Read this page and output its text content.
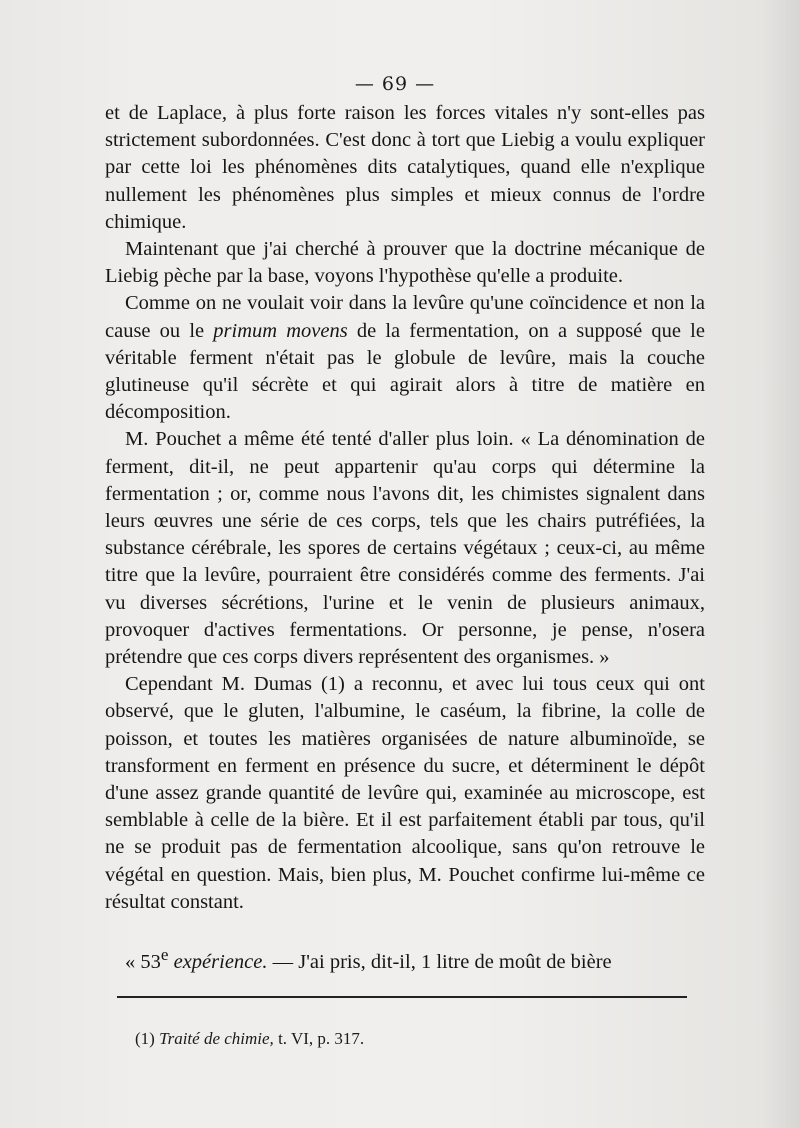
— 69 —

et de Laplace, à plus forte raison les forces vitales n'y sont-elles pas strictement subordonnées. C'est donc à tort que Liebig a voulu expliquer par cette loi les phénomènes dits catalytiques, quand elle n'explique nullement les phénomènes plus simples et mieux connus de l'ordre chimique.

Maintenant que j'ai cherché à prouver que la doctrine mécanique de Liebig pèche par la base, voyons l'hypothèse qu'elle a produite.

Comme on ne voulait voir dans la levûre qu'une coïncidence et non la cause ou le primum movens de la fermentation, on a supposé que le véritable ferment n'était pas le globule de levûre, mais la couche glutineuse qu'il sécrète et qui agirait alors à titre de matière en décomposition.

M. Pouchet a même été tenté d'aller plus loin. « La dénomination de ferment, dit-il, ne peut appartenir qu'au corps qui détermine la fermentation ; or, comme nous l'avons dit, les chimistes signalent dans leurs œuvres une série de ces corps, tels que les chairs putréfiées, la substance cérébrale, les spores de certains végétaux ; ceux-ci, au même titre que la levûre, pourraient être considérés comme des ferments. J'ai vu diverses sécrétions, l'urine et le venin de plusieurs animaux, provoquer d'actives fermentations. Or personne, je pense, n'osera prétendre que ces corps divers représentent des organismes. »

Cependant M. Dumas (1) a reconnu, et avec lui tous ceux qui ont observé, que le gluten, l'albumine, le caséum, la fibrine, la colle de poisson, et toutes les matières organisées de nature albuminoïde, se transforment en ferment en présence du sucre, et déterminent le dépôt d'une assez grande quantité de levûre qui, examinée au microscope, est semblable à celle de la bière. Et il est parfaitement établi par tous, qu'il ne se produit pas de fermentation alcoolique, sans qu'on retrouve le végétal en question. Mais, bien plus, M. Pouchet confirme lui-même ce résultat constant.

« 53e expérience. — J'ai pris, dit-il, 1 litre de moût de bière

(1) Traité de chimie, t. VI, p. 317.
